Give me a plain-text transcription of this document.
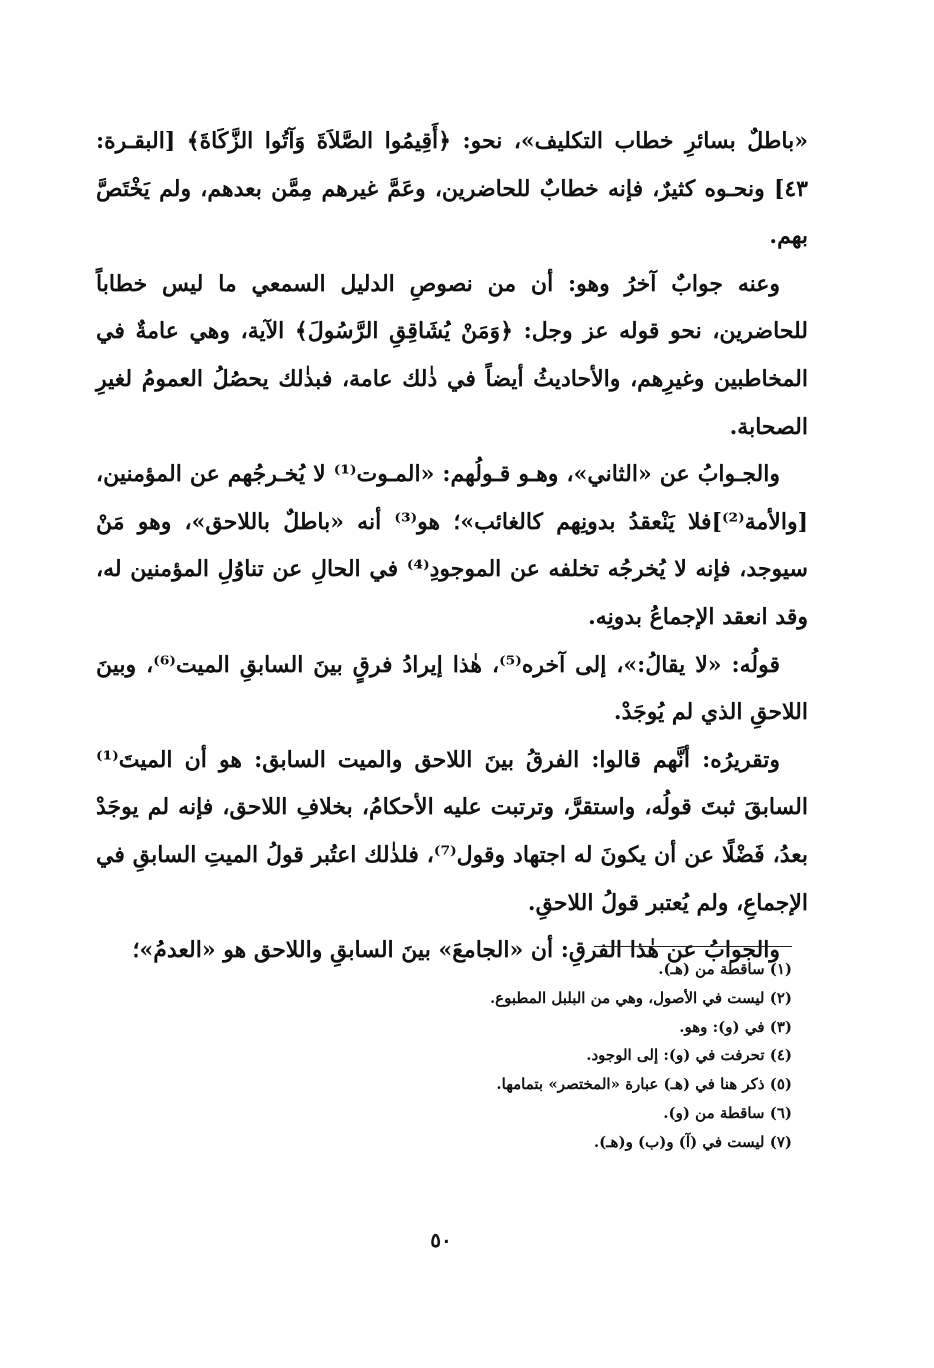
«باطلٌ بسائرِ خطاب التكليف»، نحو: ﴿أَقِيمُوا الصَّلاَةَ وَآتُوا الزَّكَاةَ﴾ [البقـرة: ٤٣] ونحـوه كثيرٌ، فإنه خطابٌ للحاضرين، وعَمَّ غيرهم مِمَّن بعدهم، ولم يَخْتَصَّ بهم.

وعنه جوابٌ آخرُ وهو: أن من نصوصِ الدليل السمعي ما ليس خطاباً للحاضرين، نحو قوله عز وجل: ﴿وَمَنْ يُشَاقِقِ الرَّسُولَ﴾ الآية، وهي عامةٌ في المخاطبين وغيرِهم، والأحاديثُ أيضاً في ذٰلك عامة، فبذٰلك يحصُلُ العمومُ لغيرِ الصحابة.

والجـوابُ عن «الثاني»، وهـو قـولُهم: «المـوت⁽¹⁾ لا يُخـرجُهم عن المؤمنين، [والأمة⁽²⁾]فلا يَنْعقدُ بدونِهم كالغائب»؛ هو⁽³⁾ أنه «باطلٌ باللاحق»، وهو مَنْ سيوجد، فإنه لا يُخرجُه تخلفه عن الموجودِ⁽⁴⁾ في الحالِ عن تناوُلِ المؤمنين له، وقد انعقد الإجماعُ بدونِه.

قولُه: «لا يقالُ:»، إلى آخره⁽⁵⁾، هٰذا إيرادُ فرقٍ بينَ السابقِ الميت⁽⁶⁾، وبينَ اللاحقِ الذي لم يُوجَدْ.

وتقريرُه: أنَّهم قالوا: الفرقُ بينَ اللاحق والميت السابق: هو أن الميتَ⁽¹⁾ السابقَ ثبتَ قولُه، واستقرَّ، وترتبت عليه الأحكامُ، بخلافِ اللاحق، فإنه لم يوجَدْ بعدُ، فَضْلًا عن أن يكونَ له اجتهاد وقول⁽⁷⁾، فلذٰلك اعتُبر قولُ الميتِ السابقِ في الإجماعِ، ولم يُعتبر قولُ اللاحقِ.

والجوابُ عن هٰذا الفرقِ: أن «الجامعَ» بينَ السابقِ واللاحق هو «العدمُ»؛

(١) ساقطة من (هـ).
(٢) ليست في الأصول، وهي من البلبل المطبوع.
(٣) في (و): وهو.
(٤) تحرفت في (و): إلى الوجود.
(٥) ذكر هنا في (هـ) عبارة «المختصر» بتمامها.
(٦) ساقطة من (و).
(٧) ليست في (آ) و(ب) و(هـ).
٥٠
